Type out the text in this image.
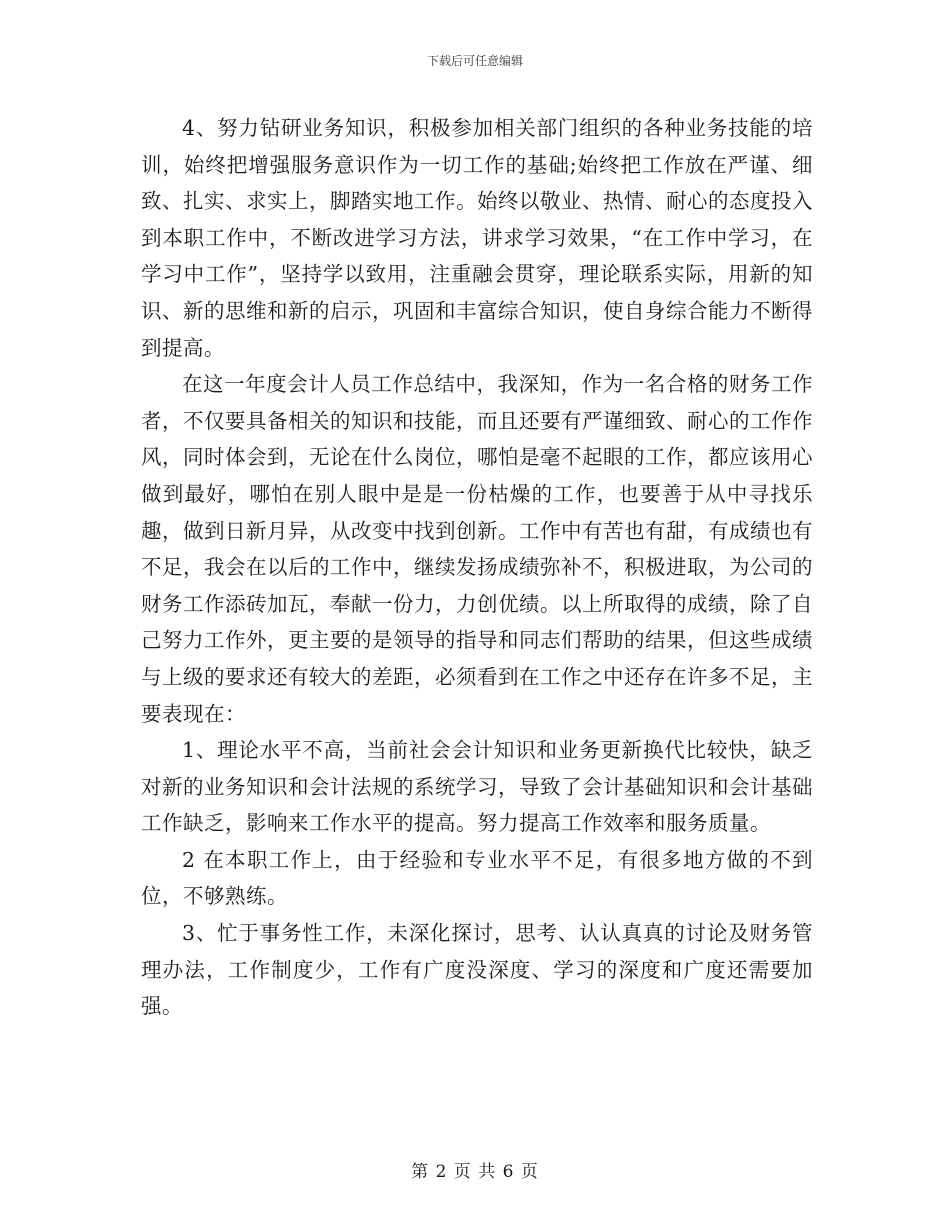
下载后可任意编辑

4、努力钻研业务知识，积极参加相关部门组织的各种业务技能的培训，始终把增强服务意识作为一切工作的基础;始终把工作放在严谨、细致、扎实、求实上，脚踏实地工作。始终以敬业、热情、耐心的态度投入到本职工作中，不断改进学习方法，讲求学习效果，“在工作中学习，在学习中工作”，坚持学以致用，注重融会贯穿，理论联系实际，用新的知识、新的思维和新的启示，巩固和丰富综合知识，使自身综合能力不断得到提高。

在这一年度会计人员工作总结中，我深知，作为一名合格的财务工作者，不仅要具备相关的知识和技能，而且还要有严谨细致、耐心的工作作风，同时体会到，无论在什么岗位，哪怕是毫不起眼的工作，都应该用心做到最好，哪怕在别人眼中是是一份枯燥的工作，也要善于从中寻找乐趣，做到日新月异，从改变中找到创新。工作中有苦也有甜，有成绩也有不足，我会在以后的工作中，继续发扬成绩弥补不，积极进取，为公司的财务工作添砖加瓦，奉献一份力，力创优绩。以上所取得的成绩，除了自己努力工作外，更主要的是领导的指导和同志们帮助的结果，但这些成绩与上级的要求还有较大的差距，必须看到在工作之中还存在许多不足，主要表现在：

1、理论水平不高，当前社会会计知识和业务更新换代比较快，缺乏对新的业务知识和会计法规的系统学习，导致了会计基础知识和会计基础工作缺乏，影响来工作水平的提高。努力提高工作效率和服务质量。

2 在本职工作上，由于经验和专业水平不足，有很多地方做的不到位，不够熟练。

3、忙于事务性工作，未深化探讨，思考、认认真真的讨论及财务管理办法，工作制度少，工作有广度没深度、学习的深度和广度还需要加强。

第 2 页 共 6 页
